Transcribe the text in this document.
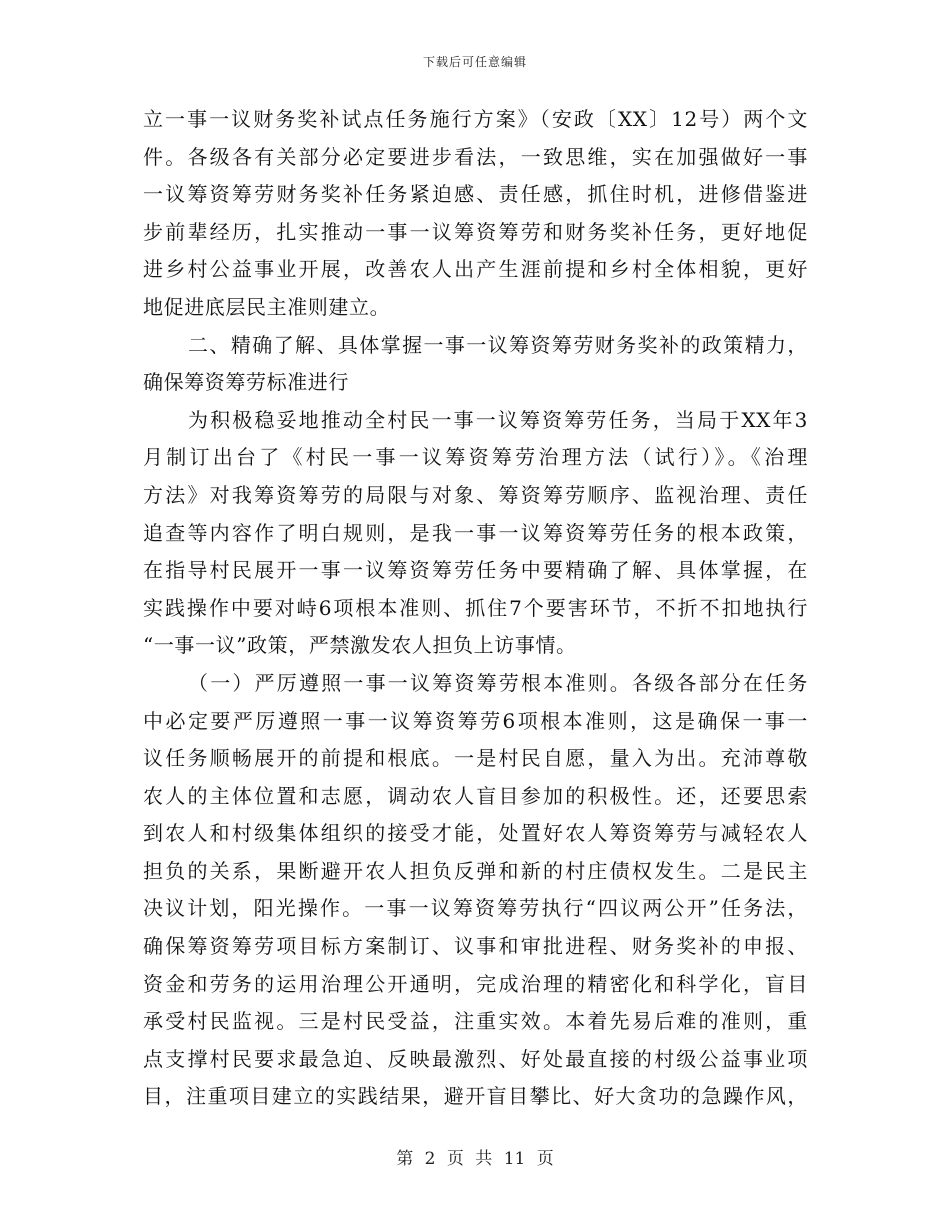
下载后可任意编辑
立一事一议财务奖补试点任务施行方案》（安政〔XX〕12号）两个文
件。各级各有关部分必定要进步看法，一致思维，实在加强做好一事
一议筹资筹劳财务奖补任务紧迫感、责任感，抓住时机，进修借鉴进
步前辈经历，扎实推动一事一议筹资筹劳和财务奖补任务，更好地促
进乡村公益事业开展，改善农人出产生涯前提和乡村全体相貌，更好
地促进底层民主准则建立。
二、精确了解、具体掌握一事一议筹资筹劳财务奖补的政策精力，
确保筹资筹劳标准进行
为积极稳妥地推动全村民一事一议筹资筹劳任务，当局于XX年3
月制订出台了《村民一事一议筹资筹劳治理方法（试行）》。《治理
方法》对我筹资筹劳的局限与对象、筹资筹劳顺序、监视治理、责任
追查等内容作了明白规则，是我一事一议筹资筹劳任务的根本政策，
在指导村民展开一事一议筹资筹劳任务中要精确了解、具体掌握，在
实践操作中要对峙6项根本准则、抓住7个要害环节，不折不扣地执行
“一事一议”政策，严禁激发农人担负上访事情。
（一）严厉遵照一事一议筹资筹劳根本准则。各级各部分在任务
中必定要严厉遵照一事一议筹资筹劳6项根本准则，这是确保一事一
议任务顺畅展开的前提和根底。一是村民自愿，量入为出。充沛尊敬
农人的主体位置和志愿，调动农人盲目参加的积极性。还，还要思索
到农人和村级集体组织的接受才能，处置好农人筹资筹劳与减轻农人
担负的关系，果断避开农人担负反弹和新的村庄债权发生。二是民主
决议计划，阳光操作。一事一议筹资筹劳执行“四议两公开”任务法，
确保筹资筹劳项目标方案制订、议事和审批进程、财务奖补的申报、
资金和劳务的运用治理公开通明，完成治理的精密化和科学化，盲目
承受村民监视。三是村民受益，注重实效。本着先易后难的准则，重
点支撑村民要求最急迫、反映最激烈、好处最直接的村级公益事业项
目，注重项目建立的实践结果，避开盲目攀比、好大贪功的急躁作风，
第 2 页 共 11 页
